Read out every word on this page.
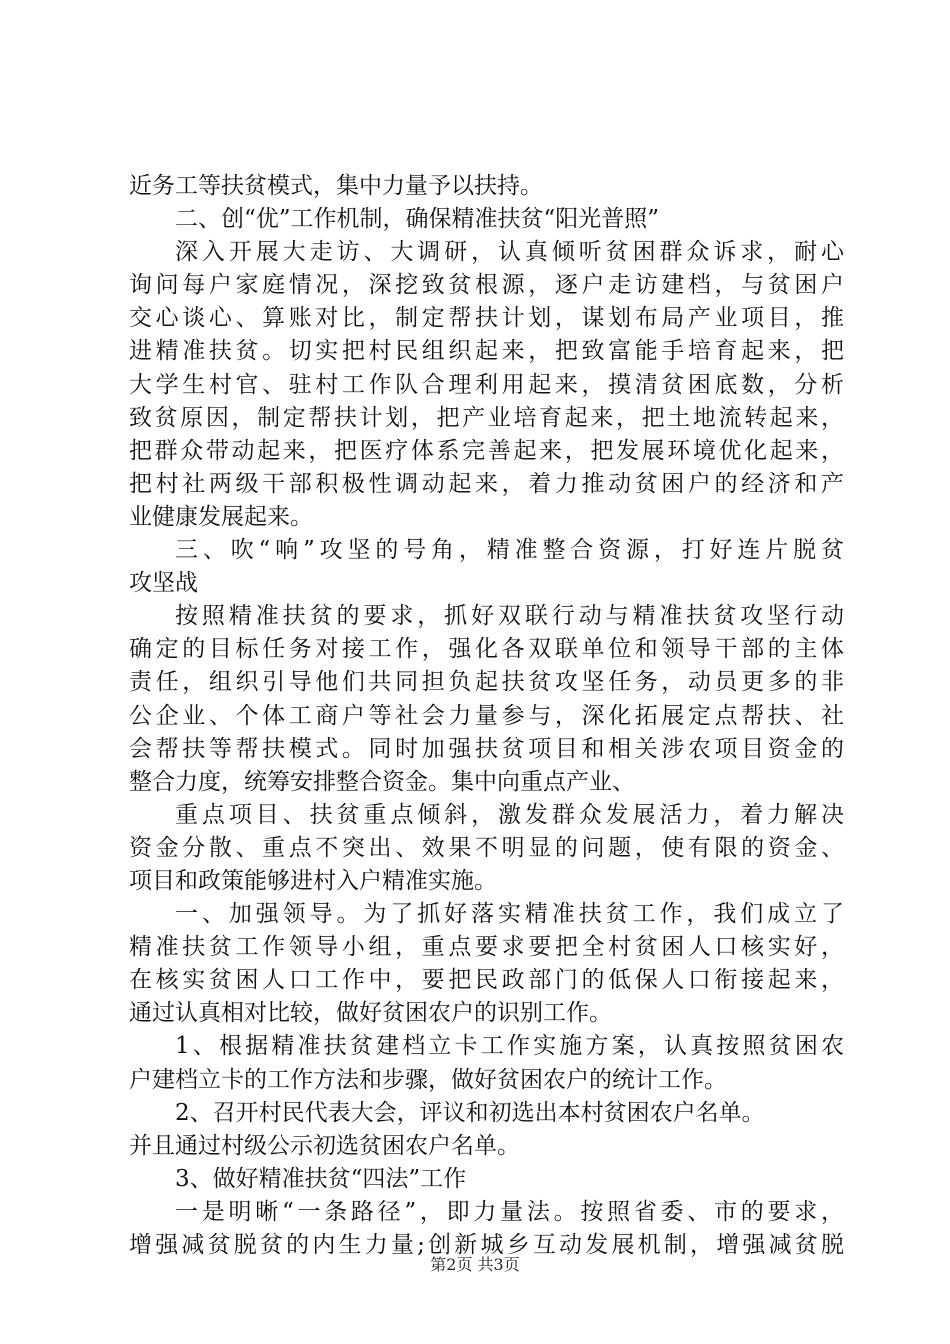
近务工等扶贫模式，集中力量予以扶持。
二、创“优”工作机制，确保精准扶贫“阳光普照”
深入开展大走访、大调研，认真倾听贫困群众诉求，耐心
询问每户家庭情况，深挖致贫根源，逐户走访建档，与贫困户
交心谈心、算账对比，制定帮扶计划，谋划布局产业项目，推
进精准扶贫。切实把村民组织起来，把致富能手培育起来，把
大学生村官、驻村工作队合理利用起来，摸清贫困底数，分析
致贫原因，制定帮扶计划，把产业培育起来，把土地流转起来，
把群众带动起来，把医疗体系完善起来，把发展环境优化起来，
把村社两级干部积极性调动起来，着力推动贫困户的经济和产
业健康发展起来。
三、吹“响”攻坚的号角，精准整合资源，打好连片脱贫
攻坚战
按照精准扶贫的要求，抓好双联行动与精准扶贫攻坚行动
确定的目标任务对接工作，强化各双联单位和领导干部的主体
责任，组织引导他们共同担负起扶贫攻坚任务，动员更多的非
公企业、个体工商户等社会力量参与，深化拓展定点帮扶、社
会帮扶等帮扶模式。同时加强扶贫项目和相关涉农项目资金的
整合力度，统筹安排整合资金。集中向重点产业、
重点项目、扶贫重点倾斜，激发群众发展活力，着力解决
资金分散、重点不突出、效果不明显的问题，使有限的资金、
项目和政策能够进村入户精准实施。
一、加强领导。为了抓好落实精准扶贫工作，我们成立了
精准扶贫工作领导小组，重点要求要把全村贫困人口核实好，
在核实贫困人口工作中，要把民政部门的低保人口衔接起来，
通过认真相对比较，做好贫困农户的识别工作。
1、根据精准扶贫建档立卡工作实施方案，认真按照贫困农
户建档立卡的工作方法和步骤，做好贫困农户的统计工作。
2、召开村民代表大会，评议和初选出本村贫困农户名单。
并且通过村级公示初选贫困农户名单。
3、做好精准扶贫“四法”工作
一是明晰“一条路径”，即力量法。按照省委、市的要求，
增强减贫脱贫的内生力量;创新城乡互动发展机制，增强减贫脱
第2页 共3页
